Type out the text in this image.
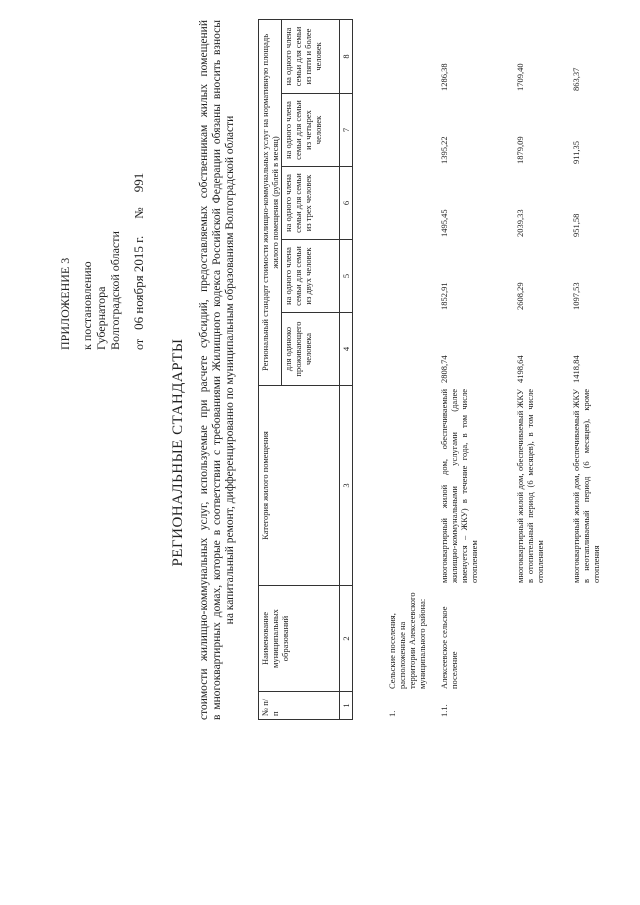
ПРИЛОЖЕНИЕ 3 к постановлению Губернатора Волгоградской области от 06 ноября 2015 г. № 991
РЕГИОНАЛЬНЫЕ СТАНДАРТЫ стоимости жилищно-коммунальных услуг, используемые при расчете субсидий, предоставляемых собственникам жилых помещений в многоквартирных домах, которые в соответствии с требованиями Жилищного кодекса Российской Федерации обязаны вносить взносы на капитальный ремонт, дифференцированно по муниципальным образованиям Волгоградской области
№ п/п	Наименование муниципальных образований	Категория жилого помещения	Региональный стандарт стоимости жилищно-коммунальных услуг на нормативную площадь жилого помещения (рублей в месяц)				
			для одиноко проживающего человека	на одного члена семьи для семьи из двух человек	на одного члена семьи для семьи из трех человек	на одного члена семьи для семьи из четырех человек	на одного члена семьи для семьи из пяти и более человек
1	2	3	4	5	6	7	8
1.	Сельские поселения, расположенные на территории Алексеевского муниципального района:						
1.1.	Алексеевское сельское поселение	многоквартирный жилой дом, обеспечиваемый жилищно-коммунальными услугами (далее именуется – ЖКУ) в течение года, в том числе отоплением	2808,74	1852,91	1495,45	1395,22	1286,38
		многоквартирный жилой дом, обеспечиваемый ЖКУ в отопительный период (6 месяцев), в том числе отоплением	4198,64	2608,29	2039,33	1879,09	1709,40
		многоквартирный жилой дом, обеспечиваемый ЖКУ в неотапливаемый период (6 месяцев), кроме отопления	1418,84	1097,53	951,58	911,35	863,37
